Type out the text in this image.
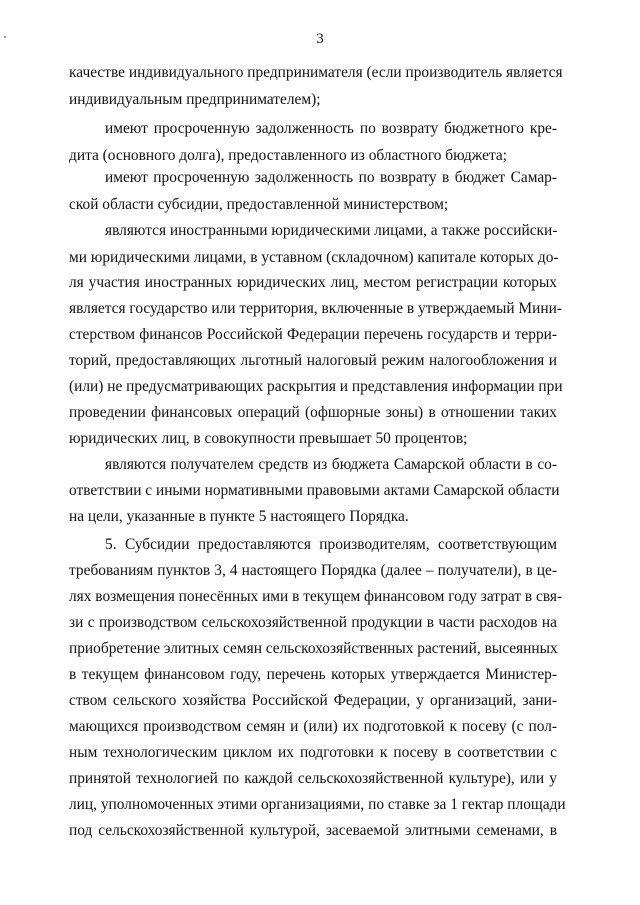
3
качестве индивидуального предпринимателя (если производитель является
индивидуальным предпринимателем);
имеют просроченную задолженность по возврату бюджетного кре-
дита (основного долга), предоставленного из областного бюджета;
имеют просроченную задолженность по возврату в бюджет Самар-
ской области субсидии, предоставленной министерством;
являются иностранными юридическими лицами, а также российски-
ми юридическими лицами, в уставном (складочном) капитале которых до-
ля участия иностранных юридических лиц, местом регистрации которых
является государство или территория, включенные в утверждаемый Мини-
стерством финансов Российской Федерации перечень государств и терри-
торий, предоставляющих льготный налоговый режим налогообложения и
(или) не предусматривающих раскрытия и представления информации при
проведении финансовых операций (офшорные зоны) в отношении таких
юридических лиц, в совокупности превышает 50 процентов;
являются получателем средств из бюджета Самарской области в со-
ответствии с иными нормативными правовыми актами Самарской области
на цели, указанные в пункте 5 настоящего Порядка.
5. Субсидии предоставляются производителям, соответствующим
требованиям пунктов 3, 4 настоящего Порядка (далее – получатели), в це-
лях возмещения понесённых ими в текущем финансовом году затрат в свя-
зи с производством сельскохозяйственной продукции в части расходов на
приобретение элитных семян сельскохозяйственных растений, высеянных
в текущем финансовом году, перечень которых утверждается Министер-
ством сельского хозяйства Российской Федерации, у организаций, зани-
мающихся производством семян и (или) их подготовкой к посеву (с пол-
ным технологическим циклом их подготовки к посеву в соответствии с
принятой технологией по каждой сельскохозяйственной культуре), или у
лиц, уполномоченных этими организациями, по ставке за 1 гектар площади
под сельскохозяйственной культурой, засеваемой элитными семенами, в
